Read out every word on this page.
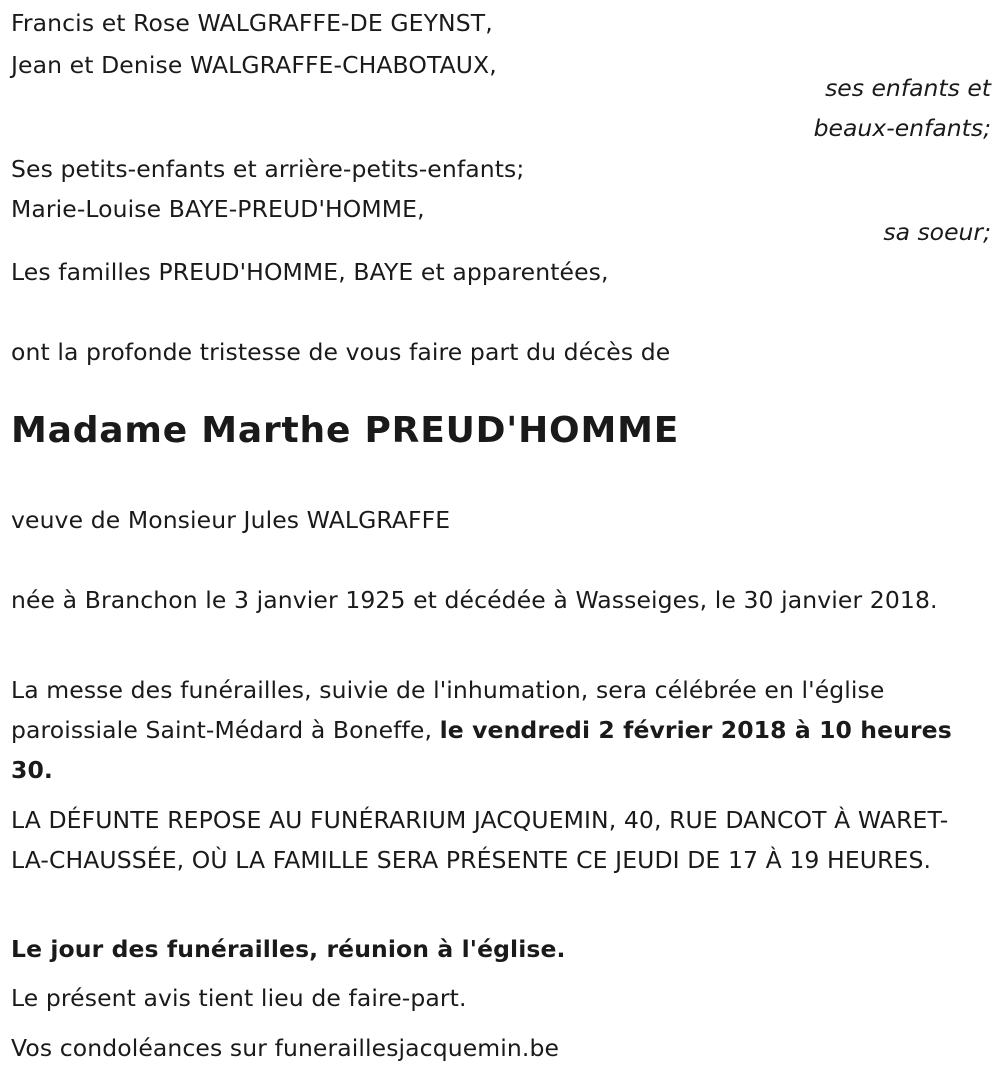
Francis et Rose WALGRAFFE-DE GEYNST,
Jean et Denise WALGRAFFE-CHABOTAUX,
ses enfants et
beaux-enfants;
Ses petits-enfants et arrière-petits-enfants;
Marie-Louise BAYE-PREUD'HOMME,
sa soeur;
Les familles PREUD'HOMME, BAYE et apparentées,
ont la profonde tristesse de vous faire part du décès de
Madame Marthe PREUD'HOMME
veuve de Monsieur Jules WALGRAFFE
née à Branchon le 3 janvier 1925 et décédée à Wasseiges, le 30 janvier 2018.
La messe des funérailles, suivie de l'inhumation, sera célébrée en l'église paroissiale Saint-Médard à Boneffe, le vendredi 2 février 2018 à 10 heures 30.
LA DÉFUNTE REPOSE AU FUNÉRARIUM JACQUEMIN, 40, RUE DANCOT À WARET-LA-CHAUSSÉE, OÙ LA FAMILLE SERA PRÉSENTE CE JEUDI DE 17 À 19 HEURES.
Le jour des funérailles, réunion à l'église.
Le présent avis tient lieu de faire-part.
Vos condoléances sur funeraillesjacquemin.be
